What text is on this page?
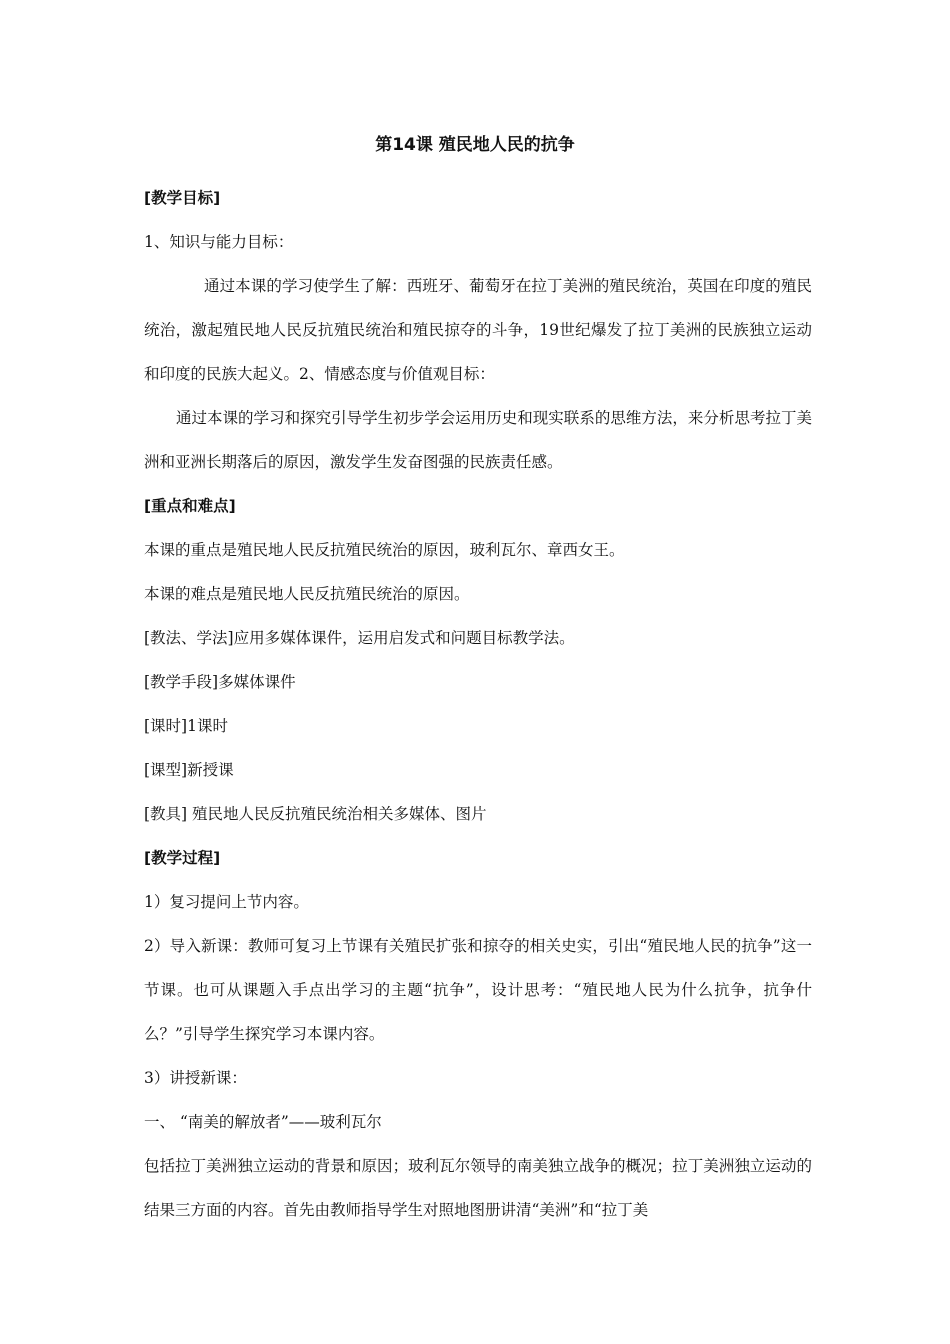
第14课 殖民地人民的抗争

[教学目标]

1、知识与能力目标：

通过本课的学习使学生了解：西班牙、葡萄牙在拉丁美洲的殖民统治，英国在印度的殖民统治，激起殖民地人民反抗殖民统治和殖民掠夺的斗争，19世纪爆发了拉丁美洲的民族独立运动和印度的民族大起义。2、情感态度与价值观目标：

通过本课的学习和探究引导学生初步学会运用历史和现实联系的思维方法，来分析思考拉丁美洲和亚洲长期落后的原因，激发学生发奋图强的民族责任感。

[重点和难点]

本课的重点是殖民地人民反抗殖民统治的原因，玻利瓦尔、章西女王。

本课的难点是殖民地人民反抗殖民统治的原因。

[教法、学法]应用多媒体课件，运用启发式和问题目标教学法。

[教学手段]多媒体课件

[课时]1课时

[课型]新授课

[教具] 殖民地人民反抗殖民统治相关多媒体、图片

[教学过程]

1）复习提问上节内容。

2）导入新课：教师可复习上节课有关殖民扩张和掠夺的相关史实，引出“殖民地人民的抗争”这一节课。也可从课题入手点出学习的主题“抗争”，设计思考：“殖民地人民为什么抗争，抗争什么？”引导学生探究学习本课内容。

3）讲授新课：

一、 “南美的解放者”——玻利瓦尔

包括拉丁美洲独立运动的背景和原因；玻利瓦尔领导的南美独立战争的概况；拉丁美洲独立运动的结果三方面的内容。首先由教师指导学生对照地图册讲清“美洲”和“拉丁美
